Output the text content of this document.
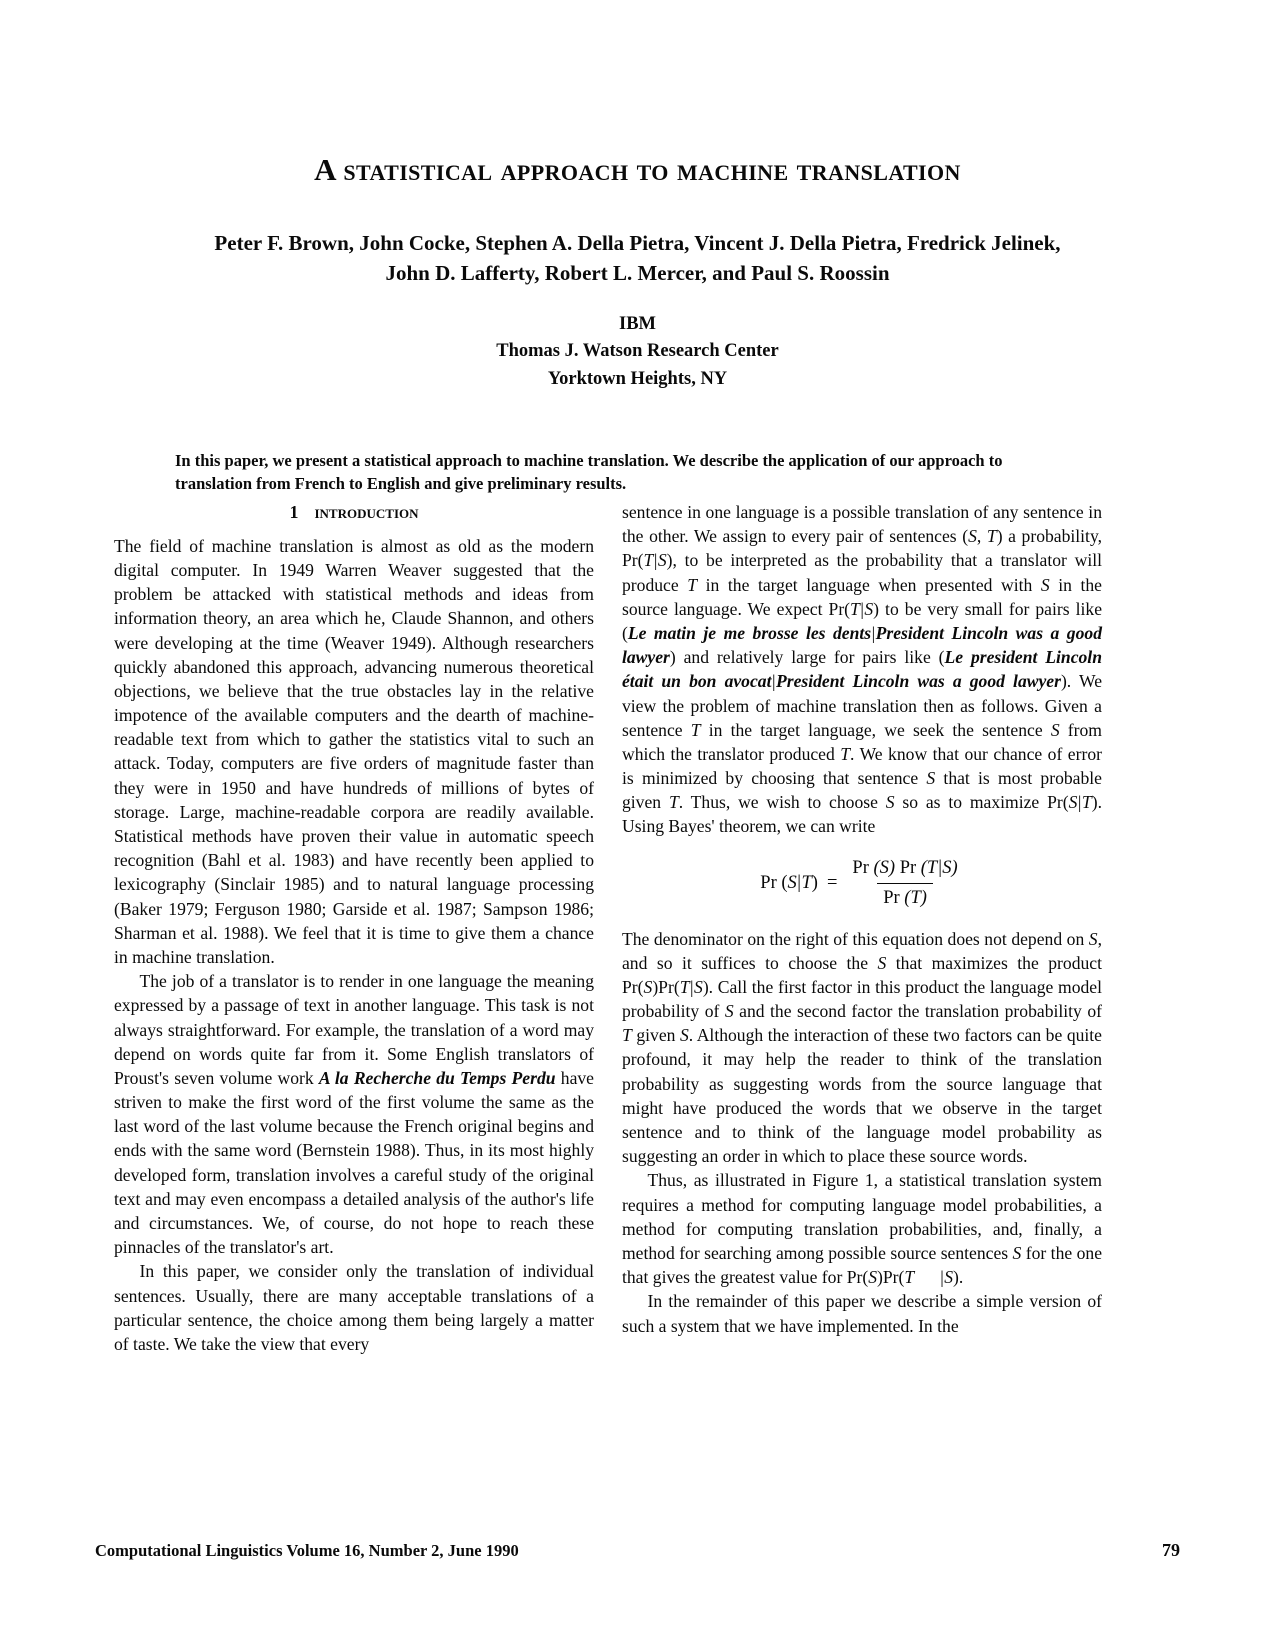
A statistical approach to machine translation
Peter F. Brown, John Cocke, Stephen A. Della Pietra, Vincent J. Della Pietra, Fredrick Jelinek,
John D. Lafferty, Robert L. Mercer, and Paul S. Roossin
IBM
Thomas J. Watson Research Center
Yorktown Heights, NY
In this paper, we present a statistical approach to machine translation. We describe the application of our approach to translation from French to English and give preliminary results.
1 introduction

The field of machine translation is almost as old as the modern digital computer. In 1949 Warren Weaver suggested that the problem be attacked with statistical methods and ideas from information theory, an area which he, Claude Shannon, and others were developing at the time (Weaver 1949). Although researchers quickly abandoned this approach, advancing numerous theoretical objections, we believe that the true obstacles lay in the relative impotence of the available computers and the dearth of machine-readable text from which to gather the statistics vital to such an attack. Today, computers are five orders of magnitude faster than they were in 1950 and have hundreds of millions of bytes of storage. Large, machine-readable corpora are readily available. Statistical methods have proven their value in automatic speech recognition (Bahl et al. 1983) and have recently been applied to lexicography (Sinclair 1985) and to natural language processing (Baker 1979; Ferguson 1980; Garside et al. 1987; Sampson 1986; Sharman et al. 1988). We feel that it is time to give them a chance in machine translation.

The job of a translator is to render in one language the meaning expressed by a passage of text in another language. This task is not always straightforward. For example, the translation of a word may depend on words quite far from it. Some English translators of Proust's seven volume work A la Recherche du Temps Perdu have striven to make the first word of the first volume the same as the last word of the last volume because the French original begins and ends with the same word (Bernstein 1988). Thus, in its most highly developed form, translation involves a careful study of the original text and may even encompass a detailed analysis of the author's life and circumstances. We, of course, do not hope to reach these pinnacles of the translator's art.

In this paper, we consider only the translation of individual sentences. Usually, there are many acceptable translations of a particular sentence, the choice among them being largely a matter of taste. We take the view that every

sentence in one language is a possible translation of any sentence in the other. We assign to every pair of sentences (S, T) a probability, Pr(T|S), to be interpreted as the probability that a translator will produce T in the target language when presented with S in the source language. We expect Pr(T|S) to be very small for pairs like (Le matin je me brosse les dents|President Lincoln was a good lawyer) and relatively large for pairs like (Le president Lincoln était un bon avocat|President Lincoln was a good lawyer). We view the problem of machine translation then as follows. Given a sentence T in the target language, we seek the sentence S from which the translator produced T. We know that our chance of error is minimized by choosing that sentence S that is most probable given T. Thus, we wish to choose S so as to maximize Pr(S|T). Using Bayes' theorem, we can write

Pr $(S|T) = \frac{Pr (S) Pr (T|S)}{Pr (T)}$

The denominator on the right of this equation does not depend on S, and so it suffices to choose the S that maximizes the product Pr(S)Pr(T|S). Call the first factor in this product the language model probability of S and the second factor the translation probability of T given S. Although the interaction of these two factors can be quite profound, it may help the reader to think of the translation probability as suggesting words from the source language that might have produced the words that we observe in the target sentence and to think of the language model probability as suggesting an order in which to place these source words.

Thus, as illustrated in Figure 1, a statistical translation system requires a method for computing language model probabilities, a method for computing translation probabilities, and, finally, a method for searching among possible source sentences S for the one that gives the greatest value for Pr(S)Pr(T |S).

In the remainder of this paper we describe a simple version of such a system that we have implemented. In the

Computational Linguistics Volume 16, Number 2, June 1990	79
